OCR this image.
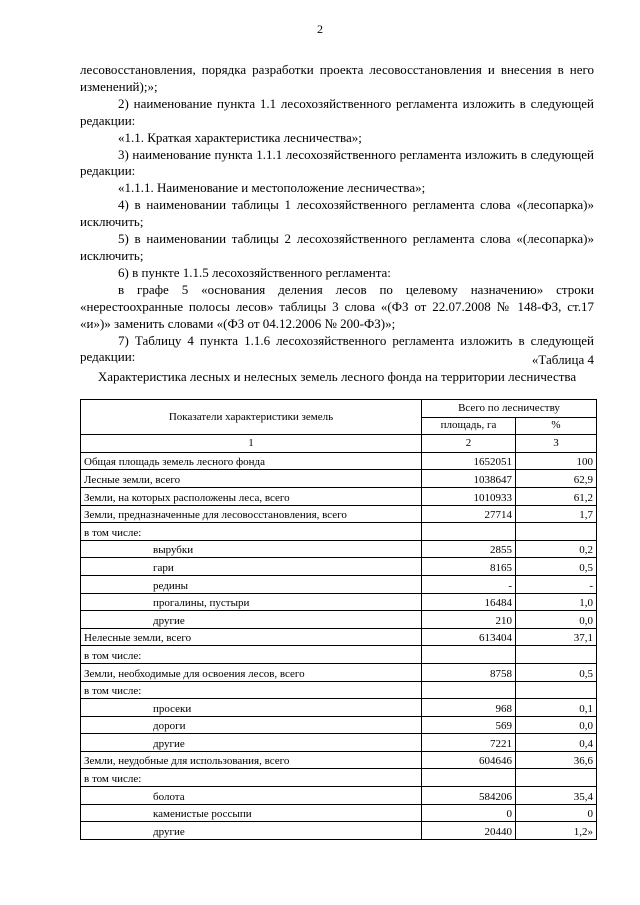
2

лесовосстановления, порядка разработки проекта лесовосстановления и внесения в него изменений);»;

2) наименование пункта 1.1 лесохозяйственного регламента изложить в следующей редакции:

«1.1. Краткая характеристика лесничества»;

3) наименование пункта 1.1.1 лесохозяйственного регламента изложить в следующей редакции:

«1.1.1. Наименование и местоположение лесничества»;

4) в наименовании таблицы 1 лесохозяйственного регламента слова «(лесопарка)» исключить;

5) в наименовании таблицы 2 лесохозяйственного регламента слова «(лесопарка)» исключить;

6) в пункте 1.1.5 лесохозяйственного регламента:

в графе 5 «основания деления лесов по целевому назначению» строки «нерестоохранные полосы лесов» таблицы 3 слова «(ФЗ от 22.07.2008 № 148-ФЗ, ст.17 «и»)» заменить словами «(ФЗ от 04.12.2006 № 200-ФЗ)»;

7) Таблицу 4 пункта 1.1.6 лесохозяйственного регламента изложить в следующей редакции:	«Таблица 4
Характеристика лесных и нелесных земель лесного фонда на территории лесничества
Показатели характеристики земель	Всего по лесничеству	
	площадь, га	%
1	2	3
Общая площадь земель лесного фонда	1652051	100
Лесные земли, всего	1038647	62,9
Земли, на которых расположены леса, всего	1010933	61,2
Земли, предназначенные для лесовосстановления, всего	27714	1,7
в том числе:		
вырубки	2855	0,2
гари	8165	0,5
редины	-	-
прогалины, пустыри	16484	1,0
другие	210	0,0
Нелесные земли, всего	613404	37,1
в том числе:		
Земли, необходимые для освоения лесов, всего	8758	0,5
в том числе:		
просеки	968	0,1
дороги	569	0,0
другие	7221	0,4
Земли, неудобные для использования, всего	604646	36,6
в том числе:		
болота	584206	35,4
каменистые россыпи	0	0
другие	20440	1,2»
